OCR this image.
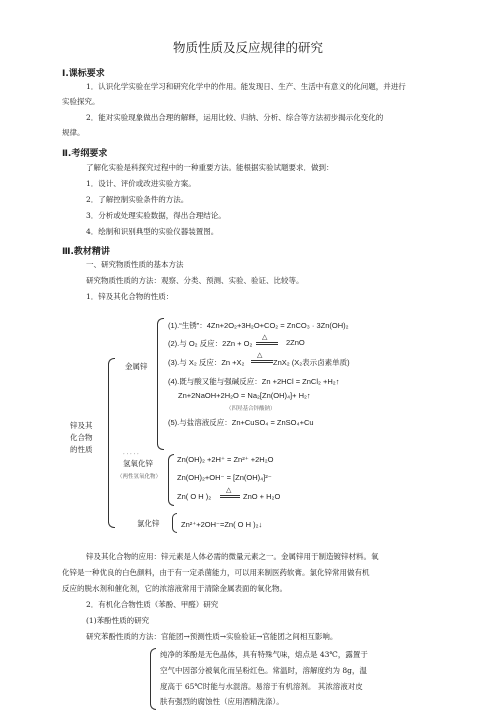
物质性质及反应规律的研究
Ⅰ.课标要求
1．认识化学实验在学习和研究化学中的作用。能发现日、生产、生活中有意义的化问题，并进行
实验探究。
2．能对实验现象做出合理的解释，运用比较、归纳、分析、综合等方法初步揭示化变化的
规律。
Ⅱ.考纲要求
了解化实验是科探究过程中的一种重要方法。能根据实验试题要求．做到：
1．设计、评价或改进实验方案。
2．了解控制实验条件的方法。
3．分析或处理实验数据，得出合理结论。
4．绘制和识别典型的实验仪器装置图。
Ⅲ.教材精讲
一、研究物质性质的基本方法
研究物质性质的方法：观察、分类、预测、实验、验证、比较等。
1．锌及其化合物的性质：
锌及其
化合物
的性质
金属锌
(1).“生锈”：4Zn+2O₂+3H₂O+CO₂ = ZnCO₃ · 3Zn(OH)₂
(2).与 O₂ 反应：2Zn + O₂
△
2ZnO
(3).与 X₂ 反应：Zn +X₂
△
ZnX₂ (X₂表示卤素单质)
(4).既与酸又能与强碱反应：Zn +2HCl = ZnCl₂ +H₂↑
Zn+2NaOH+2H₂O = Na₂[Zn(OH)₄]+ H₂↑
（四羟基合锌酸钠）
(5).与盐溶液反应：Zn+CuSO₄ = ZnSO₄+Cu
· · · · ·
氢氧化锌
（两性氢氧化物）
Zn(OH)₂ +2H⁺ = Zn²⁺ +2H₂O
Zn(OH)₂+OH⁻ = [Zn(OH)₄]²⁻
Zn( O H )₂
△
ZnO + H₂O
氯化锌	Zn²⁺+2OH⁻=Zn( O H )₂↓
锌及其化合物的应用：锌元素是人体必需的微量元素之一。金属锌用于制造镀锌材料。氧
化锌是一种优良的白色颜料，由于有一定杀菌能力，可以用来制医药软膏。氯化锌常用做有机
反应的脱水剂和催化剂，它的浓溶液常用于清除金属表面的氧化物。
2．有机化合物性质（苯酚、甲醛）研究
(1)苯酚性质的研究
研究苯酚性质的方法：官能团→预测性质→实验验证→官能团之间相互影响。
纯净的苯酚是无色晶体，具有特殊气味，熔点是 43℃，露置于
空气中因部分被氧化而呈粉红色。常温时，溶解度约为 8g，温
度高于 65℃时能与水混溶。易溶于有机溶剂。 其浓溶液对皮
肤有强烈的腐蚀性（应用酒精洗涤）。
